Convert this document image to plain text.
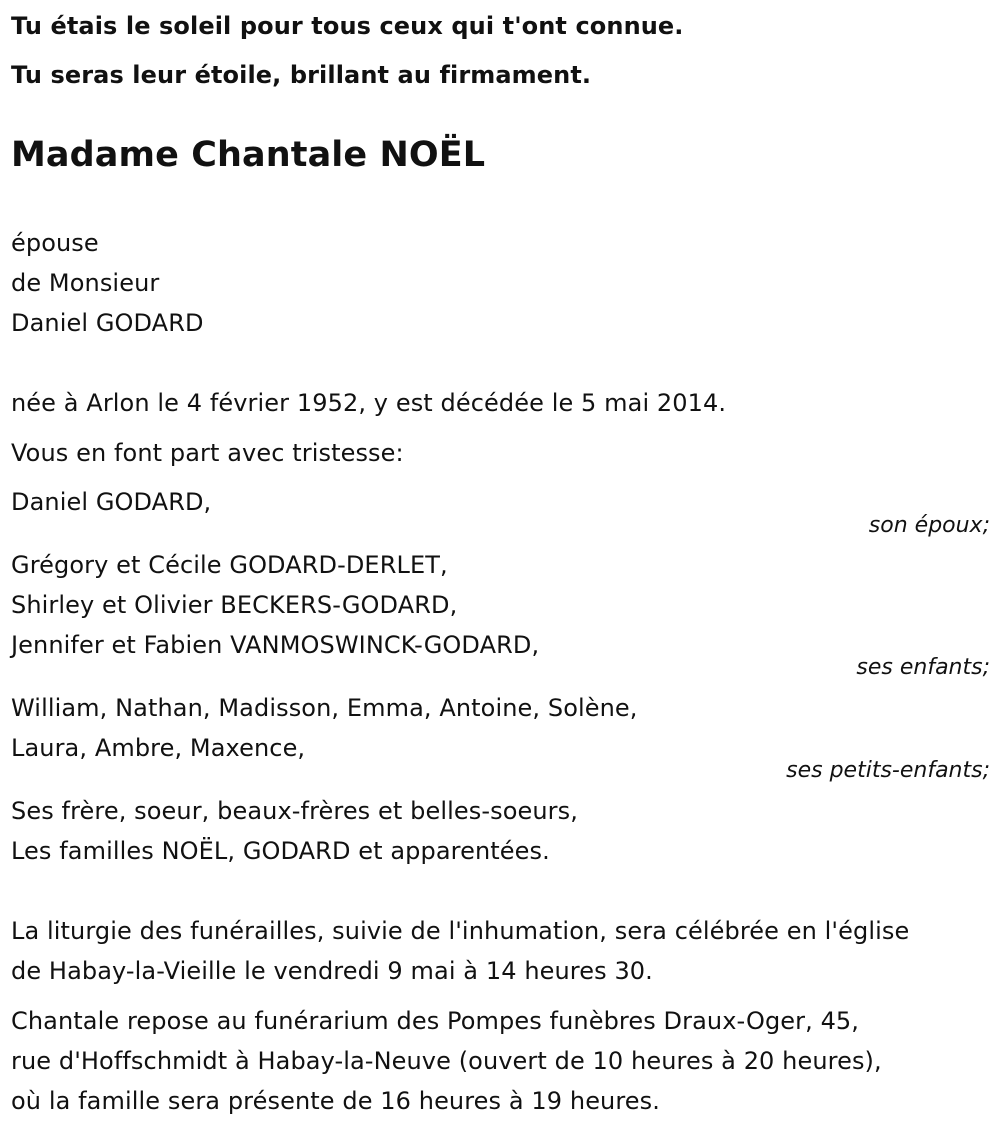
Tu étais le soleil pour tous ceux qui t'ont connue.
Tu seras leur étoile, brillant au firmament.
Madame Chantale NOËL
épouse
de Monsieur
Daniel GODARD
née à Arlon le 4 février 1952, y est décédée le 5 mai 2014.
Vous en font part avec tristesse:
Daniel GODARD,
son époux;
Grégory et Cécile GODARD-DERLET,
Shirley et Olivier BECKERS-GODARD,
Jennifer et Fabien VANMOSWINCK-GODARD,
ses enfants;
William, Nathan, Madisson, Emma, Antoine, Solène,
Laura, Ambre, Maxence,
ses petits-enfants;
Ses frère, soeur, beaux-frères et belles-soeurs,
Les familles NOËL, GODARD et apparentées.
La liturgie des funérailles, suivie de l'inhumation, sera célébrée en l'église
de Habay-la-Vieille le vendredi 9 mai à 14 heures 30.
Chantale repose au funérarium des Pompes funèbres Draux-Oger, 45,
rue d'Hoffschmidt à Habay-la-Neuve (ouvert de 10 heures à 20 heures),
où la famille sera présente de 16 heures à 19 heures.
